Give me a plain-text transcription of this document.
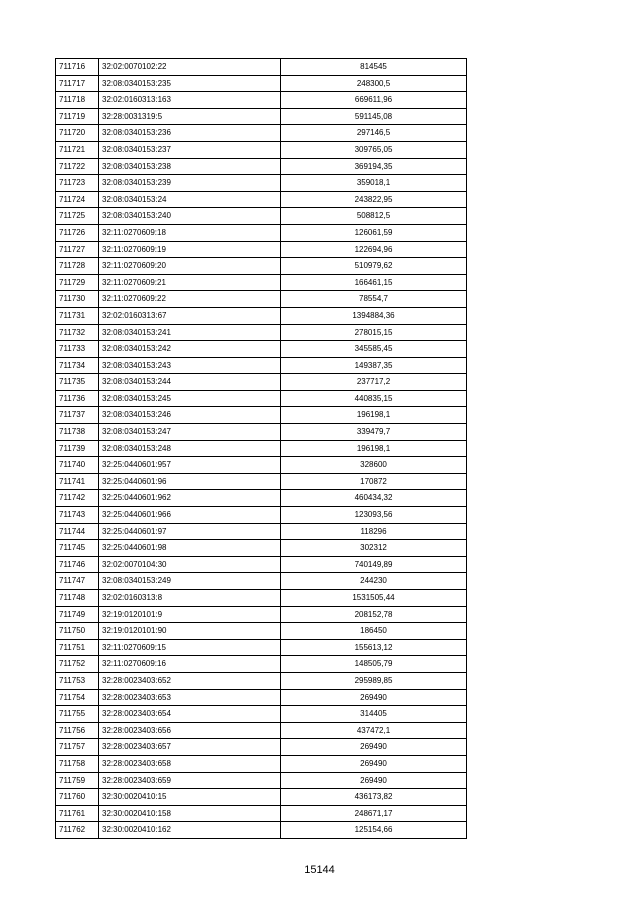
711716	32:02:0070102:22	814545
711717	32:08:0340153:235	248300,5
711718	32:02:0160313:163	669611,96
711719	32:28:0031319:5	591145,08
711720	32:08:0340153:236	297146,5
711721	32:08:0340153:237	309765,05
711722	32:08:0340153:238	369194,35
711723	32:08:0340153:239	359018,1
711724	32:08:0340153:24	243822,95
711725	32:08:0340153:240	508812,5
711726	32:11:0270609:18	126061,59
711727	32:11:0270609:19	122694,96
711728	32:11:0270609:20	510979,62
711729	32:11:0270609:21	166461,15
711730	32:11:0270609:22	78554,7
711731	32:02:0160313:67	1394884,36
711732	32:08:0340153:241	278015,15
711733	32:08:0340153:242	345585,45
711734	32:08:0340153:243	149387,35
711735	32:08:0340153:244	237717,2
711736	32:08:0340153:245	440835,15
711737	32:08:0340153:246	196198,1
711738	32:08:0340153:247	339479,7
711739	32:08:0340153:248	196198,1
711740	32:25:0440601:957	328600
711741	32:25:0440601:96	170872
711742	32:25:0440601:962	460434,32
711743	32:25:0440601:966	123093,56
711744	32:25:0440601:97	118296
711745	32:25:0440601:98	302312
711746	32:02:0070104:30	740149,89
711747	32:08:0340153:249	244230
711748	32:02:0160313:8	1531505,44
711749	32:19:0120101:9	208152,78
711750	32:19:0120101:90	186450
711751	32:11:0270609:15	155613,12
711752	32:11:0270609:16	148505,79
711753	32:28:0023403:652	295989,85
711754	32:28:0023403:653	269490
711755	32:28:0023403:654	314405
711756	32:28:0023403:656	437472,1
711757	32:28:0023403:657	269490
711758	32:28:0023403:658	269490
711759	32:28:0023403:659	269490
711760	32:30:0020410:15	436173,82
711761	32:30:0020410:158	248671,17
711762	32:30:0020410:162	125154,66
15144
